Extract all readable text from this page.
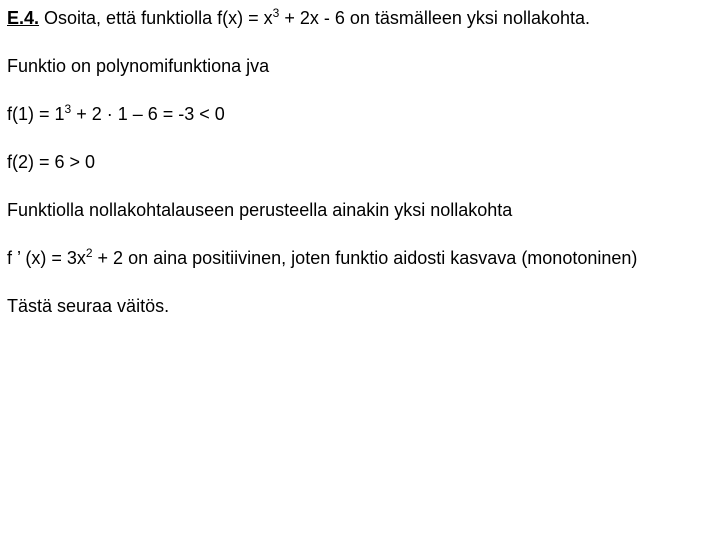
E.4. Osoita, että funktiolla $f(x) = x^3 + 2x - 6$ on täsmälleen yksi nollakohta.
Funktio on polynomifunktiona jva
$f(1) = 1^3 + 2 \cdot 1 - 6 = -3 < 0$
f(2) = 6 > 0
Funktiolla nollakohtalauseen perusteella ainakin yksi nollakohta
f ’ $(x) = 3x^2 + 2$ on aina positiivinen, joten funktio aidosti kasvava (monotoninen)
Tästä seuraa väitös.
